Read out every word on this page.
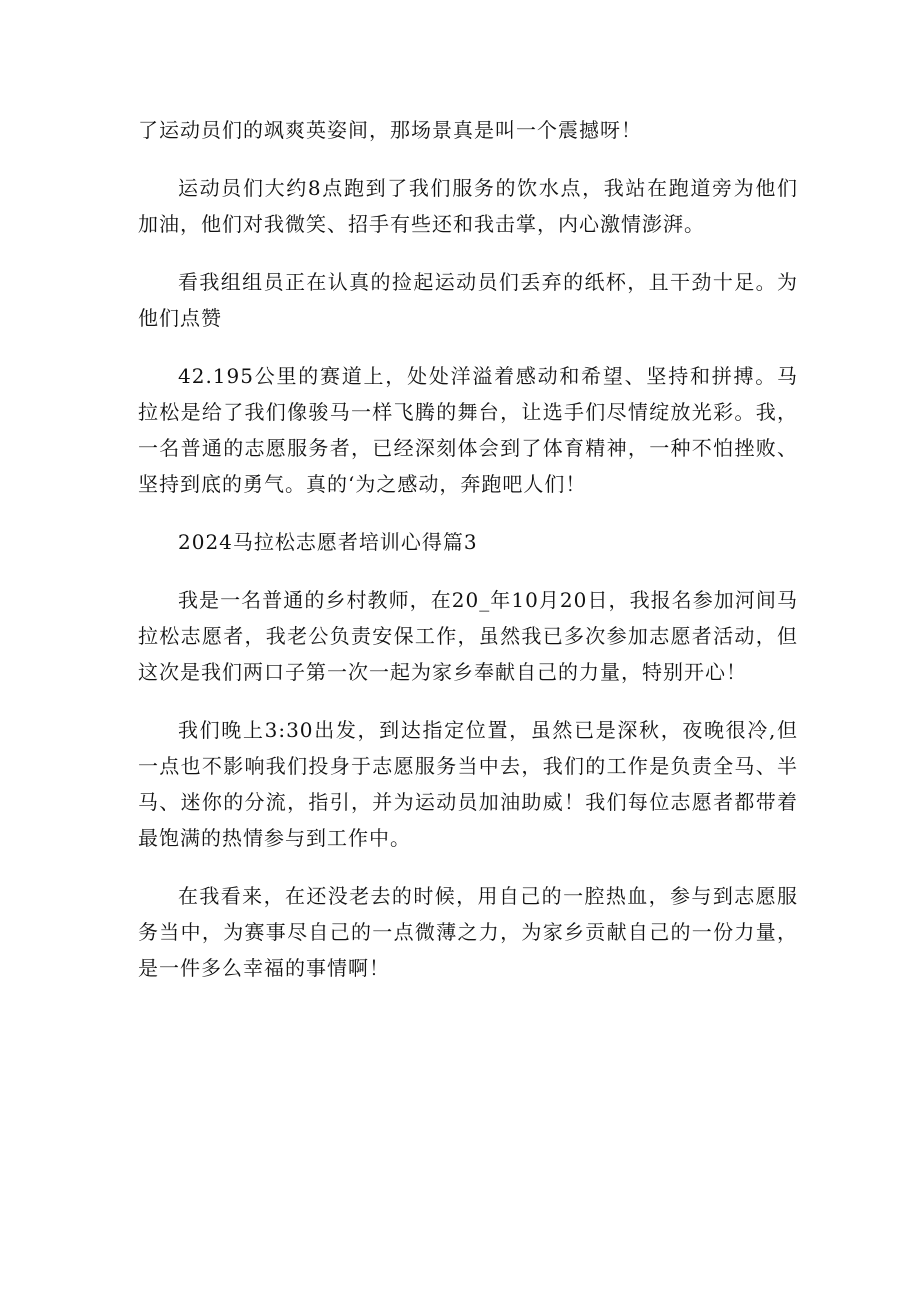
了运动员们的飒爽英姿间，那场景真是叫一个震撼呀！

运动员们大约8点跑到了我们服务的饮水点，我站在跑道旁为他们加油，他们对我微笑、招手有些还和我击掌，内心激情澎湃。

看我组组员正在认真的捡起运动员们丢弃的纸杯，且干劲十足。为他们点赞

42.195公里的赛道上，处处洋溢着感动和希望、坚持和拼搏。马拉松是给了我们像骏马一样飞腾的舞台，让选手们尽情绽放光彩。我，一名普通的志愿服务者，已经深刻体会到了体育精神，一种不怕挫败、坚持到底的勇气。真的‘为之感动，奔跑吧人们！

2024马拉松志愿者培训心得篇3

我是一名普通的乡村教师，在20_年10月20日，我报名参加河间马拉松志愿者，我老公负责安保工作，虽然我已多次参加志愿者活动，但这次是我们两口子第一次一起为家乡奉献自己的力量，特别开心！

我们晚上3:30出发，到达指定位置，虽然已是深秋，夜晚很冷,但一点也不影响我们投身于志愿服务当中去，我们的工作是负责全马、半马、迷你的分流，指引，并为运动员加油助威！我们每位志愿者都带着最饱满的热情参与到工作中。

在我看来，在还没老去的时候，用自己的一腔热血，参与到志愿服务当中，为赛事尽自己的一点微薄之力，为家乡贡献自己的一份力量，是一件多么幸福的事情啊！
